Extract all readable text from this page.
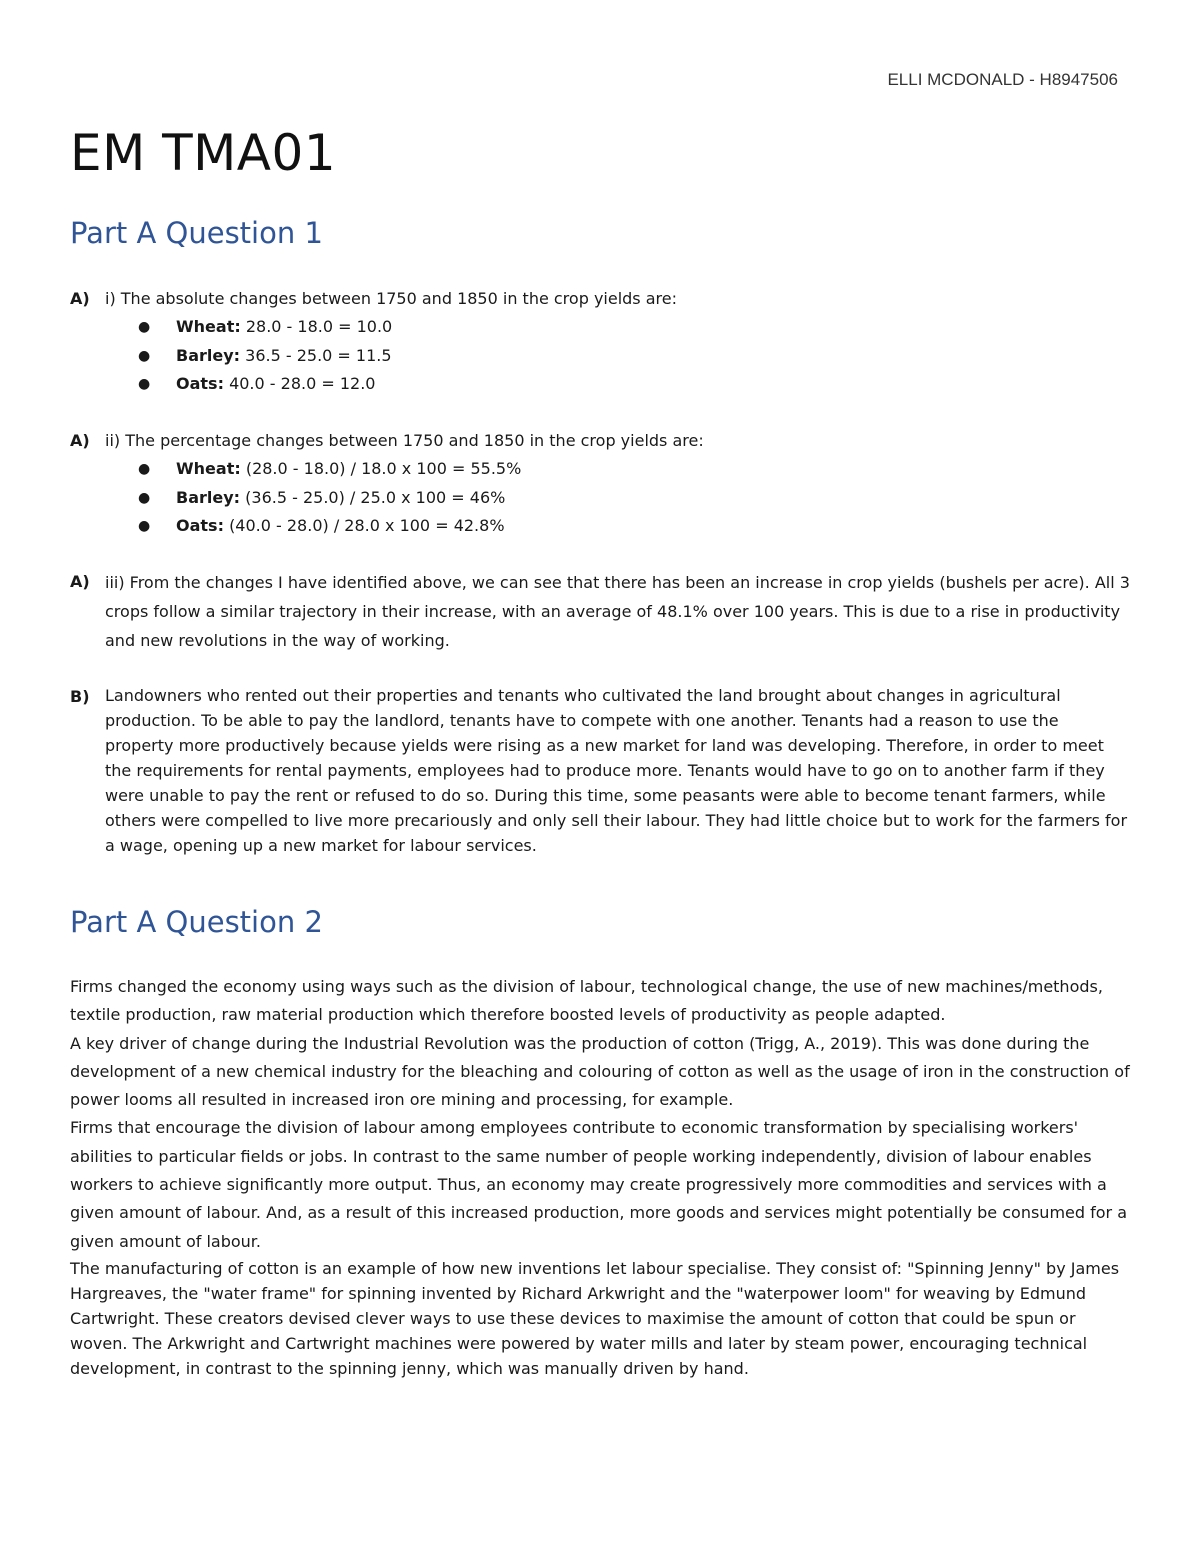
ELLI MCDONALD - H8947506
EM TMA01
Part A Question 1
A) i) The absolute changes between 1750 and 1850 in the crop yields are:
● Wheat: 28.0 - 18.0 = 10.0
● Barley: 36.5 - 25.0 = 11.5
● Oats: 40.0 - 28.0 = 12.0
A) ii) The percentage changes between 1750 and 1850 in the crop yields are:
● Wheat: (28.0 - 18.0) / 18.0 x 100 = 55.5%
● Barley: (36.5 - 25.0) / 25.0 x 100 = 46%
● Oats: (40.0 - 28.0) / 28.0 x 100 = 42.8%
A) iii) From the changes I have identified above, we can see that there has been an increase in crop yields (bushels per acre). All 3 crops follow a similar trajectory in their increase, with an average of 48.1% over 100 years. This is due to a rise in productivity and new revolutions in the way of working.
B) Landowners who rented out their properties and tenants who cultivated the land brought about changes in agricultural production. To be able to pay the landlord, tenants have to compete with one another. Tenants had a reason to use the property more productively because yields were rising as a new market for land was developing. Therefore, in order to meet the requirements for rental payments, employees had to produce more. Tenants would have to go on to another farm if they were unable to pay the rent or refused to do so. During this time, some peasants were able to become tenant farmers, while others were compelled to live more precariously and only sell their labour. They had little choice but to work for the farmers for a wage, opening up a new market for labour services.
Part A Question 2

Firms changed the economy using ways such as the division of labour, technological change, the use of new machines/methods, textile production, raw material production which therefore boosted levels of productivity as people adapted.

A key driver of change during the Industrial Revolution was the production of cotton (Trigg, A., 2019). This was done during the development of a new chemical industry for the bleaching and colouring of cotton as well as the usage of iron in the construction of power looms all resulted in increased iron ore mining and processing, for example.

Firms that encourage the division of labour among employees contribute to economic transformation by specialising workers' abilities to particular fields or jobs. In contrast to the same number of people working independently, division of labour enables workers to achieve significantly more output. Thus, an economy may create progressively more commodities and services with a given amount of labour. And, as a result of this increased production, more goods and services might potentially be consumed for a given amount of labour.

The manufacturing of cotton is an example of how new inventions let labour specialise. They consist of: "Spinning Jenny" by James Hargreaves, the "water frame" for spinning invented by Richard Arkwright and the "waterpower loom" for weaving by Edmund Cartwright. These creators devised clever ways to use these devices to maximise the amount of cotton that could be spun or woven. The Arkwright and Cartwright machines were powered by water mills and later by steam power, encouraging technical development, in contrast to the spinning jenny, which was manually driven by hand.
